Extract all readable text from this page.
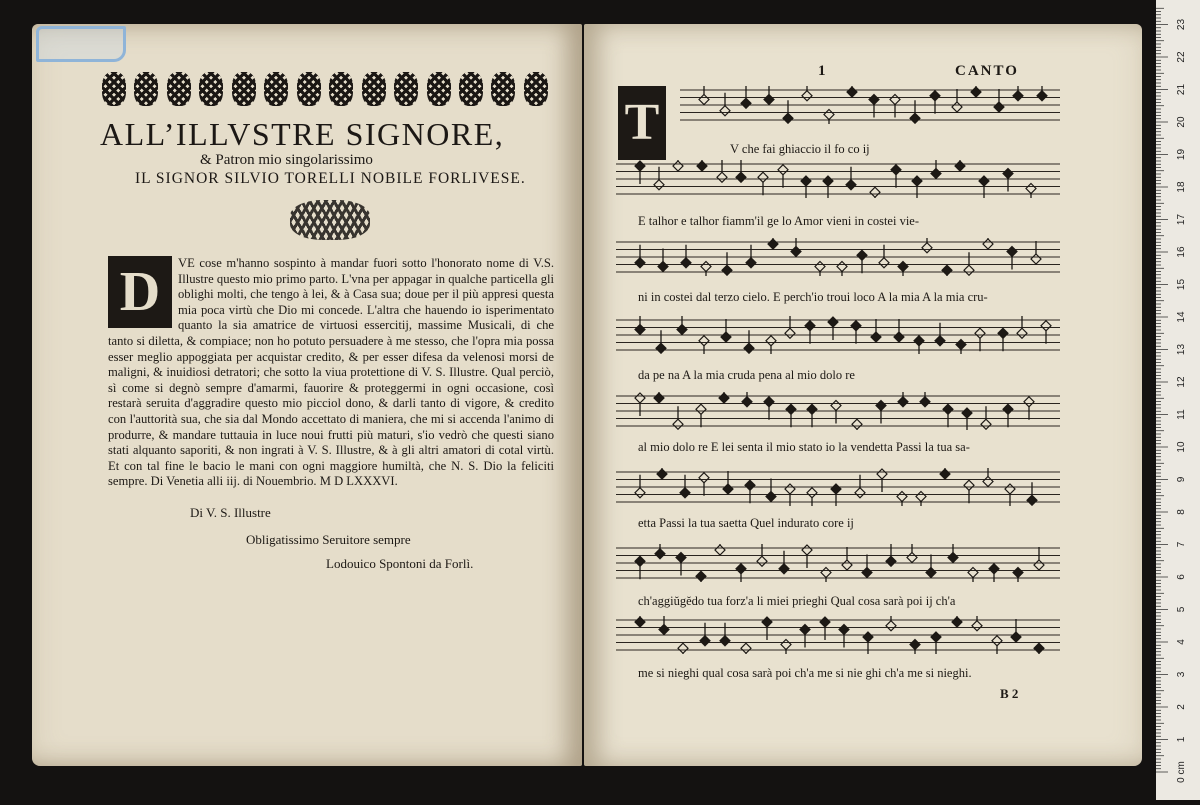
ALL’ILLVSTRE SIGNORE,
& Patron mio singolarissimo
IL SIGNOR SILVIO TORELLI NOBILE FORLIVESE.
VE cose m'hanno sospinto à mandar fuori sotto l'honorato nome di V.S. Illustre questo mio primo parto. L'vna per appagar in qualche particella gli oblighi molti, che tengo à lei, & à Casa sua; doue per il più appresi questa mia poca virtù che Dio mi concede. L'altra che hauendo io isperimentato quanto la sia amatrice de virtuosi essercitij, massime Musicali, di che tanto si diletta, & compiace; non ho potuto persuadere à me stesso, che l'opra mia possa esser meglio appoggiata per acquistar credito, & per esser difesa da velenosi morsi de maligni, & inuidiosi detratori; che sotto la viua protettione di V. S. Illustre. Qual perciò, sì come si degnò sempre d'amarmi, fauorire & proteggermi in ogni occasione, così restarà seruita d'aggradire questo mio picciol dono, & darli tanto di vigore, & credito con l'auttorità sua, che sia dal Mondo accettato di maniera, che mi si accenda l'animo di produrre, & mandare tuttauia in luce noui frutti più maturi, s'io vedrò che questi siano stati alquanto saporiti, & non ingrati à V. S. Illustre, & à gli altri amatori di cotal virtù. Et con tal fine le bacio le mani con ogni maggiore humiltà, che N. S. Dio la feliciti sempre. Di Venetia alli iij. di Nouembrio. M D LXXXVI.
D
Di V. S. Illustre
Obligatissimo Seruitore sempre
Lodouico Spontoni da Forlì.
1	CANTO
T	V che fai ghiaccio il fo co ij
E talhor e talhor fiamm'il ge lo Amor vieni in costei vie-
ni in costei dal terzo cielo. E perch'io troui loco A la mia A la mia cru-
da pe na A la mia cruda pena al mio dolo re
al mio dolo re E lei senta il mio stato io la vendetta Passi la tua sa-
etta Passi la tua saetta Quel indurato core ij
ch'aggiŭgĕdo tua forz'a li miei prieghi Qual cosa sarà poi ij ch'a
me si nieghi qual cosa sarà poi ch'a me si nie ghi ch'a me si nieghi.
B 2
0 cm
1
2
3
4
5
6
7
8
9
10
11
12
13
14
15
16
17
18
19
20
21
22
23
